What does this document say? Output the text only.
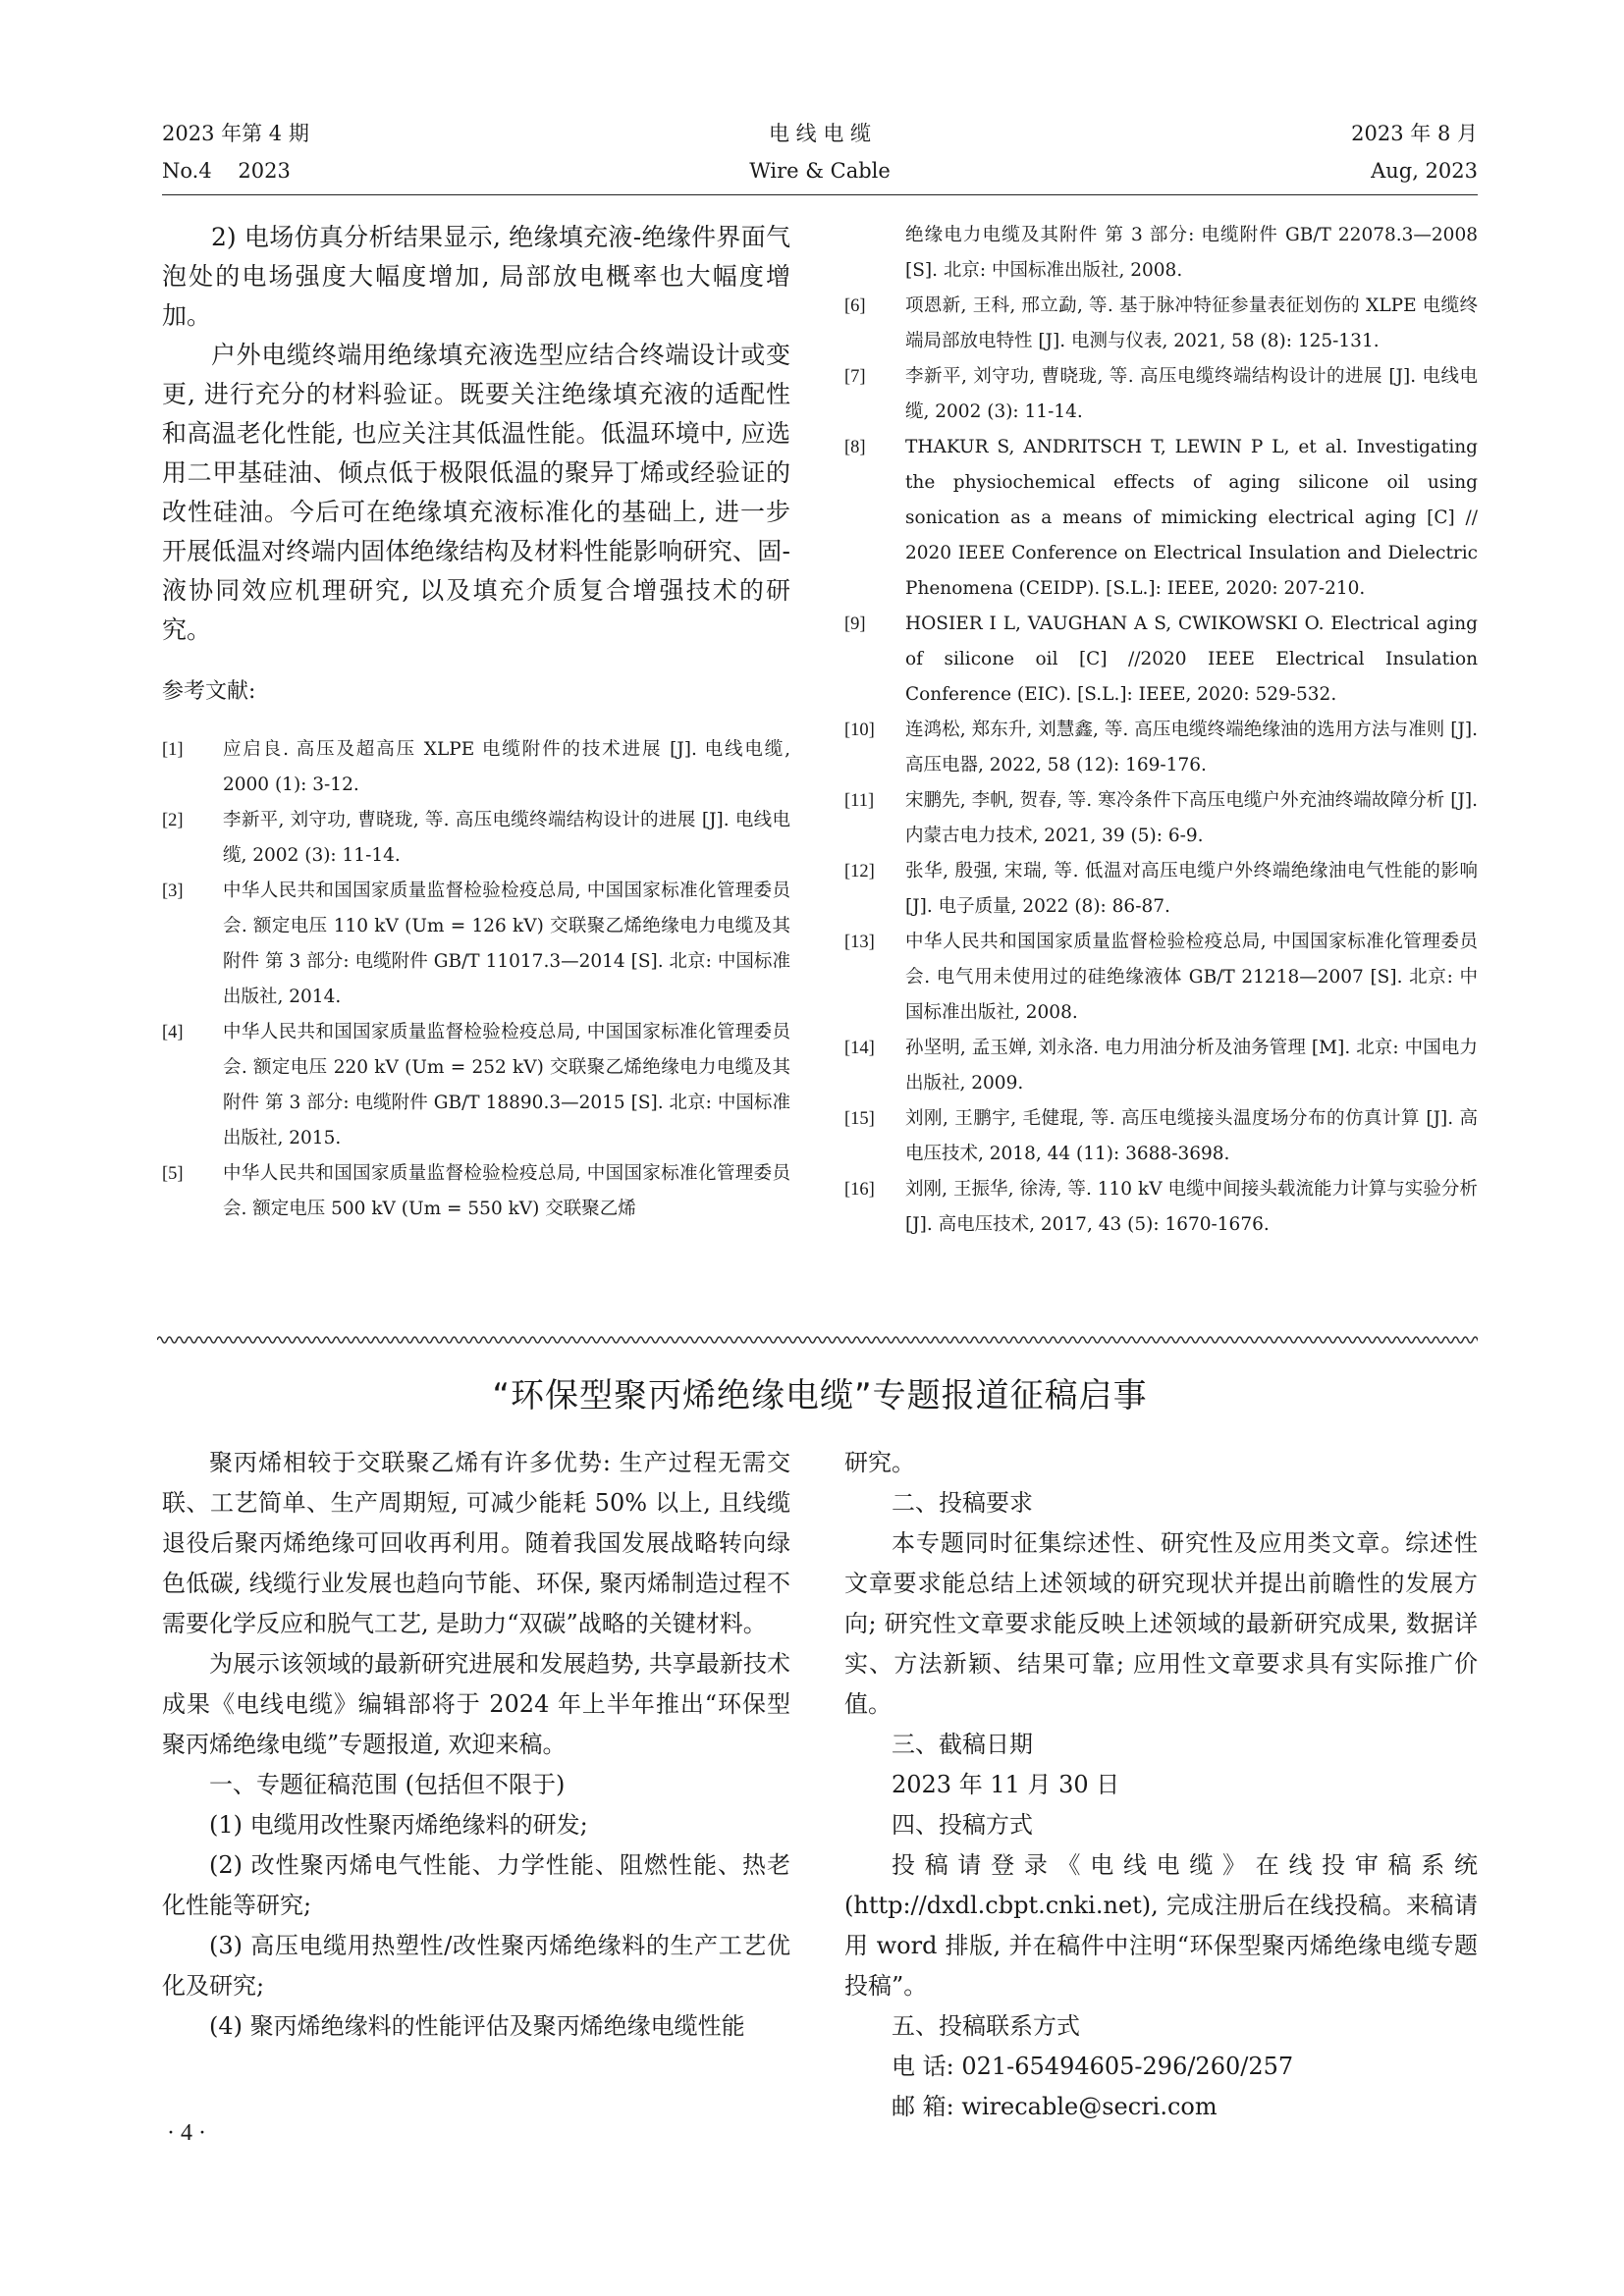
2023 年第 4 期	电 线 电 缆	2023 年 8 月
No.4    2023	Wire & Cable	Aug, 2023

2) 电场仿真分析结果显示, 绝缘填充液-绝缘件界面气泡处的电场强度大幅度增加, 局部放电概率也大幅度增加。

户外电缆终端用绝缘填充液选型应结合终端设计或变更, 进行充分的材料验证。既要关注绝缘填充液的适配性和高温老化性能, 也应关注其低温性能。低温环境中, 应选用二甲基硅油、倾点低于极限低温的聚异丁烯或经验证的改性硅油。今后可在绝缘填充液标准化的基础上, 进一步开展低温对终端内固体绝缘结构及材料性能影响研究、固-液协同效应机理研究, 以及填充介质复合增强技术的研究。

参考文献:
[1]	应启良. 高压及超高压 XLPE 电缆附件的技术进展 [J]. 电线电缆, 2000 (1): 3-12.
[2]	李新平, 刘守功, 曹晓珑, 等. 高压电缆终端结构设计的进展 [J]. 电线电缆, 2002 (3): 11-14.
[3]	中华人民共和国国家质量监督检验检疫总局, 中国国家标准化管理委员会. 额定电压 110 kV (Um = 126 kV) 交联聚乙烯绝缘电力电缆及其附件 第 3 部分: 电缆附件 GB/T 11017.3—2014 [S]. 北京: 中国标准出版社, 2014.
[4]	中华人民共和国国家质量监督检验检疫总局, 中国国家标准化管理委员会. 额定电压 220 kV (Um = 252 kV) 交联聚乙烯绝缘电力电缆及其附件 第 3 部分: 电缆附件 GB/T 18890.3—2015 [S]. 北京: 中国标准出版社, 2015.
[5]	中华人民共和国国家质量监督检验检疫总局, 中国国家标准化管理委员会. 额定电压 500 kV (Um = 550 kV) 交联聚乙烯
绝缘电力电缆及其附件 第 3 部分: 电缆附件 GB/T 22078.3—2008 [S]. 北京: 中国标准出版社, 2008.
[6]	项恩新, 王科, 邢立勐, 等. 基于脉冲特征参量表征划伤的 XLPE 电缆终端局部放电特性 [J]. 电测与仪表, 2021, 58 (8): 125-131.
[7]	李新平, 刘守功, 曹晓珑, 等. 高压电缆终端结构设计的进展 [J]. 电线电缆, 2002 (3): 11-14.
[8]	THAKUR S, ANDRITSCH T, LEWIN P L, et al. Investigating the physiochemical effects of aging silicone oil using sonication as a means of mimicking electrical aging [C] // 2020 IEEE Conference on Electrical Insulation and Dielectric Phenomena (CEIDP). [S.L.]: IEEE, 2020: 207-210.
[9]	HOSIER I L, VAUGHAN A S, CWIKOWSKI O. Electrical aging of silicone oil [C] //2020 IEEE Electrical Insulation Conference (EIC). [S.L.]: IEEE, 2020: 529-532.
[10]	连鸿松, 郑东升, 刘慧鑫, 等. 高压电缆终端绝缘油的选用方法与准则 [J]. 高压电器, 2022, 58 (12): 169-176.
[11]	宋鹏先, 李帆, 贺春, 等. 寒冷条件下高压电缆户外充油终端故障分析 [J]. 内蒙古电力技术, 2021, 39 (5): 6-9.
[12]	张华, 殷强, 宋瑞, 等. 低温对高压电缆户外终端绝缘油电气性能的影响 [J]. 电子质量, 2022 (8): 86-87.
[13]	中华人民共和国国家质量监督检验检疫总局, 中国国家标准化管理委员会. 电气用未使用过的硅绝缘液体 GB/T 21218—2007 [S]. 北京: 中国标准出版社, 2008.
[14]	孙坚明, 孟玉婵, 刘永洛. 电力用油分析及油务管理 [M]. 北京: 中国电力出版社, 2009.
[15]	刘刚, 王鹏宇, 毛健琨, 等. 高压电缆接头温度场分布的仿真计算 [J]. 高电压技术, 2018, 44 (11): 3688-3698.
[16]	刘刚, 王振华, 徐涛, 等. 110 kV 电缆中间接头载流能力计算与实验分析 [J]. 高电压技术, 2017, 43 (5): 1670-1676.
“环保型聚丙烯绝缘电缆”专题报道征稿启事

聚丙烯相较于交联聚乙烯有许多优势: 生产过程无需交联、工艺简单、生产周期短, 可减少能耗 50% 以上, 且线缆退役后聚丙烯绝缘可回收再利用。随着我国发展战略转向绿色低碳, 线缆行业发展也趋向节能、环保, 聚丙烯制造过程不需要化学反应和脱气工艺, 是助力“双碳”战略的关键材料。

为展示该领域的最新研究进展和发展趋势, 共享最新技术成果《电线电缆》编辑部将于 2024 年上半年推出“环保型聚丙烯绝缘电缆”专题报道, 欢迎来稿。

一、专题征稿范围 (包括但不限于)

(1) 电缆用改性聚丙烯绝缘料的研发;

(2) 改性聚丙烯电气性能、力学性能、阻燃性能、热老化性能等研究;

(3) 高压电缆用热塑性/改性聚丙烯绝缘料的生产工艺优化及研究;

(4) 聚丙烯绝缘料的性能评估及聚丙烯绝缘电缆性能

研究。

二、投稿要求

本专题同时征集综述性、研究性及应用类文章。综述性文章要求能总结上述领域的研究现状并提出前瞻性的发展方向; 研究性文章要求能反映上述领域的最新研究成果, 数据详实、方法新颖、结果可靠; 应用性文章要求具有实际推广价值。

三、截稿日期

2023 年 11 月 30 日

四、投稿方式

投稿请登录《电线电缆》在线投审稿系统 (http://dxdl.cbpt.cnki.net), 完成注册后在线投稿。来稿请用 word 排版, 并在稿件中注明“环保型聚丙烯绝缘电缆专题投稿”。

五、投稿联系方式

电 话: 021-65494605-296/260/257

邮 箱: wirecable@secri.com

· 4 ·
